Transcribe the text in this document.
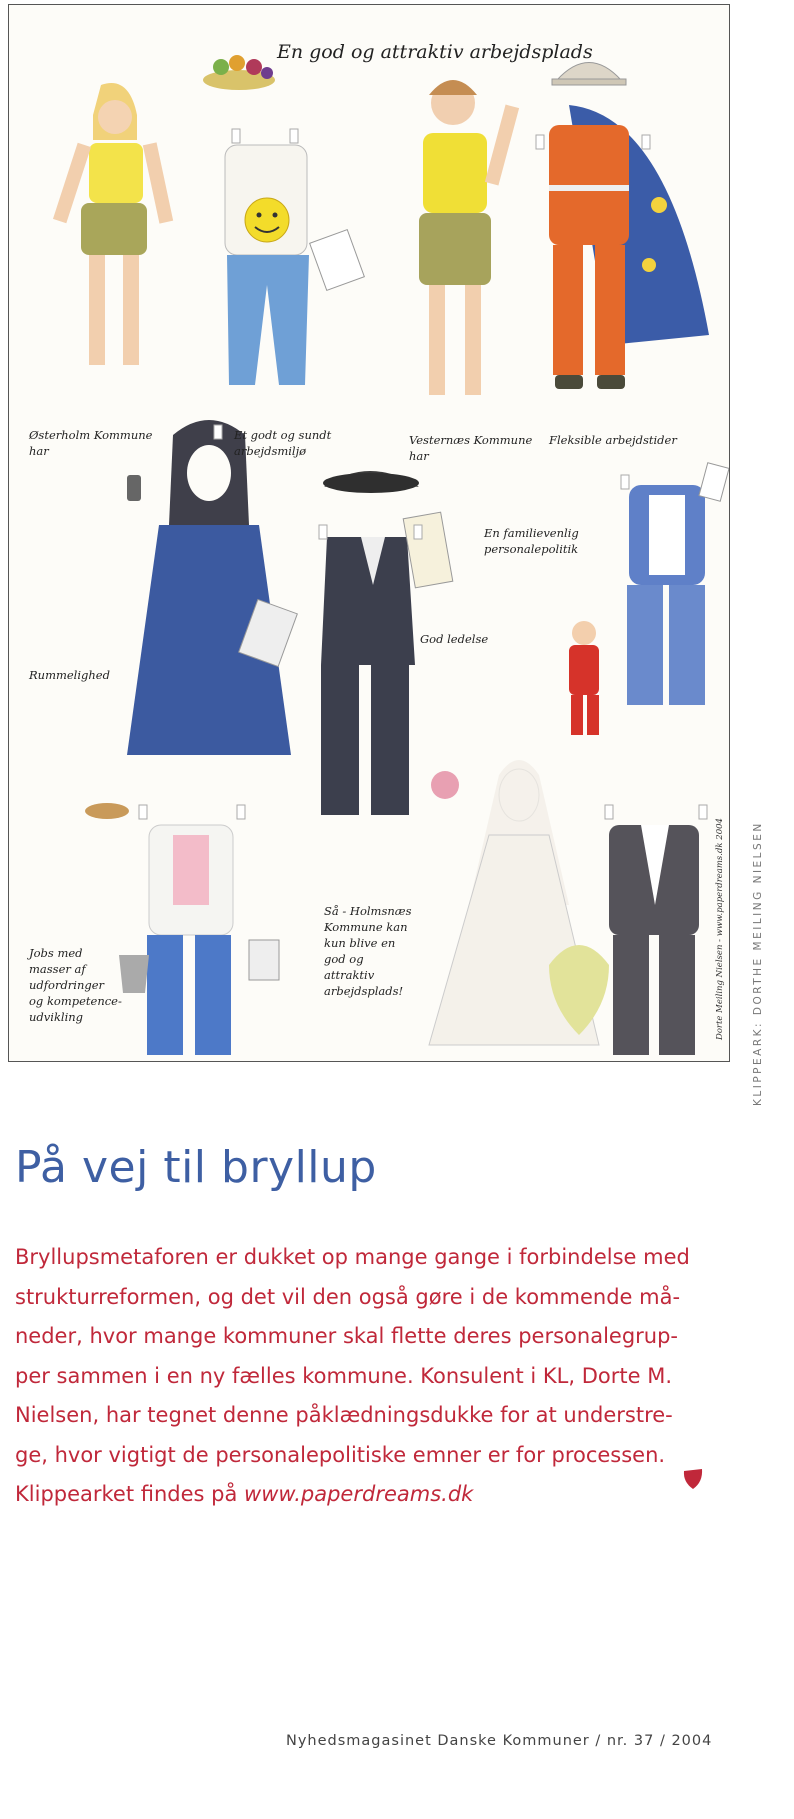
En god og attraktiv arbejdsplads
Østerholm Kommune
har
Et godt og sundt
arbejdsmiljø
Vesternæs Kommune
har
Fleksible arbejdstider
En familievenlig
personalepolitik
God ledelse
Rummelighed
Jobs med
masser af
udfordringer
og kompetence-
udvikling
Så - Holmsnæs
Kommune kan
kun blive en
god og
attraktiv
arbejdsplads!	Dorte Meiling Nielsen - www.paperdreams.dk 2004	KLIPPEARK: DORTHE MEILING NIELSEN
På vej til bryllup
Bryllupsmetaforen er dukket op mange gange i forbindelse med
strukturreformen, og det vil den også gøre i de kommende må-
neder, hvor mange kommuner skal flette deres personalegrup-
per sammen i en ny fælles kommune. Konsulent i KL, Dorte M.
Nielsen, har tegnet denne påklædningsdukke for at understre-
ge, hvor vigtigt de personalepolitiske emner er for processen.
Klippearket findes på www.paperdreams.dk
Nyhedsmagasinet Danske Kommuner / nr. 37 / 2004
